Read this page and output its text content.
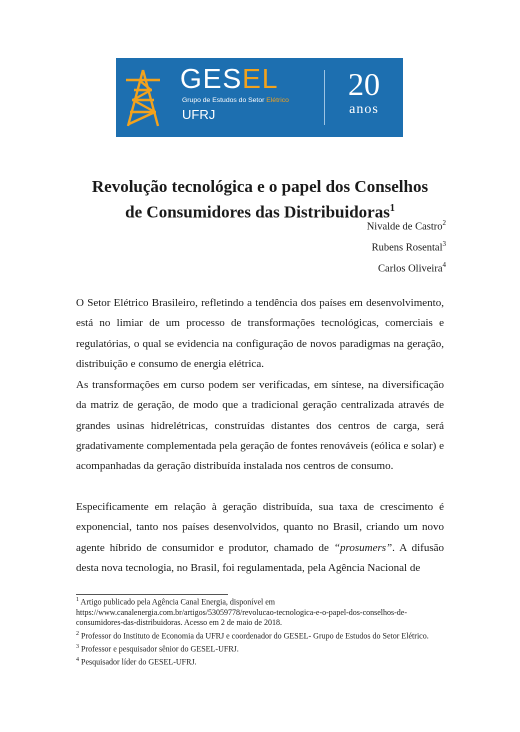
GESEL
Grupo de Estudos do Setor Elétrico
UFRJ
20
anos
Revolução tecnológica e o papel dos Conselhos
de Consumidores das Distribuidoras$^1$
Nivalde de Castro$^2$
Rubens Rosental$^3$
Carlos Oliveira$^4$
O Setor Elétrico Brasileiro, refletindo a tendência dos países em desenvolvimento, está no limiar de um processo de transformações tecnológicas, comerciais e regulatórias, o qual se evidencia na configuração de novos paradigmas na geração, distribuição e consumo de energia elétrica.
As transformações em curso podem ser verificadas, em síntese, na diversificação da matriz de geração, de modo que a tradicional geração centralizada através de grandes usinas hidrelétricas, construídas distantes dos centros de carga, será gradativamente complementada pela geração de fontes renováveis (eólica e solar) e acompanhadas da geração distribuída instalada nos centros de consumo.
Especificamente em relação à geração distribuída, sua taxa de crescimento é exponencial, tanto nos países desenvolvidos, quanto no Brasil, criando um novo agente híbrido de consumidor e produtor, chamado de “prosumers”. A difusão desta nova tecnologia, no Brasil, foi regulamentada, pela Agência Nacional de
$^1$ Artigo publicado pela Agência Canal Energia, disponível em https://www.canalenergia.com.br/artigos/53059778/revolucao-tecnologica-e-o-papel-dos-conselhos-de-consumidores-das-distribuidoras. Acesso em 2 de maio de 2018.
$^2$ Professor do Instituto de Economia da UFRJ e coordenador do GESEL- Grupo de Estudos do Setor Elétrico.
$^3$ Professor e pesquisador sênior do GESEL-UFRJ.
$^4$ Pesquisador líder do GESEL-UFRJ.
